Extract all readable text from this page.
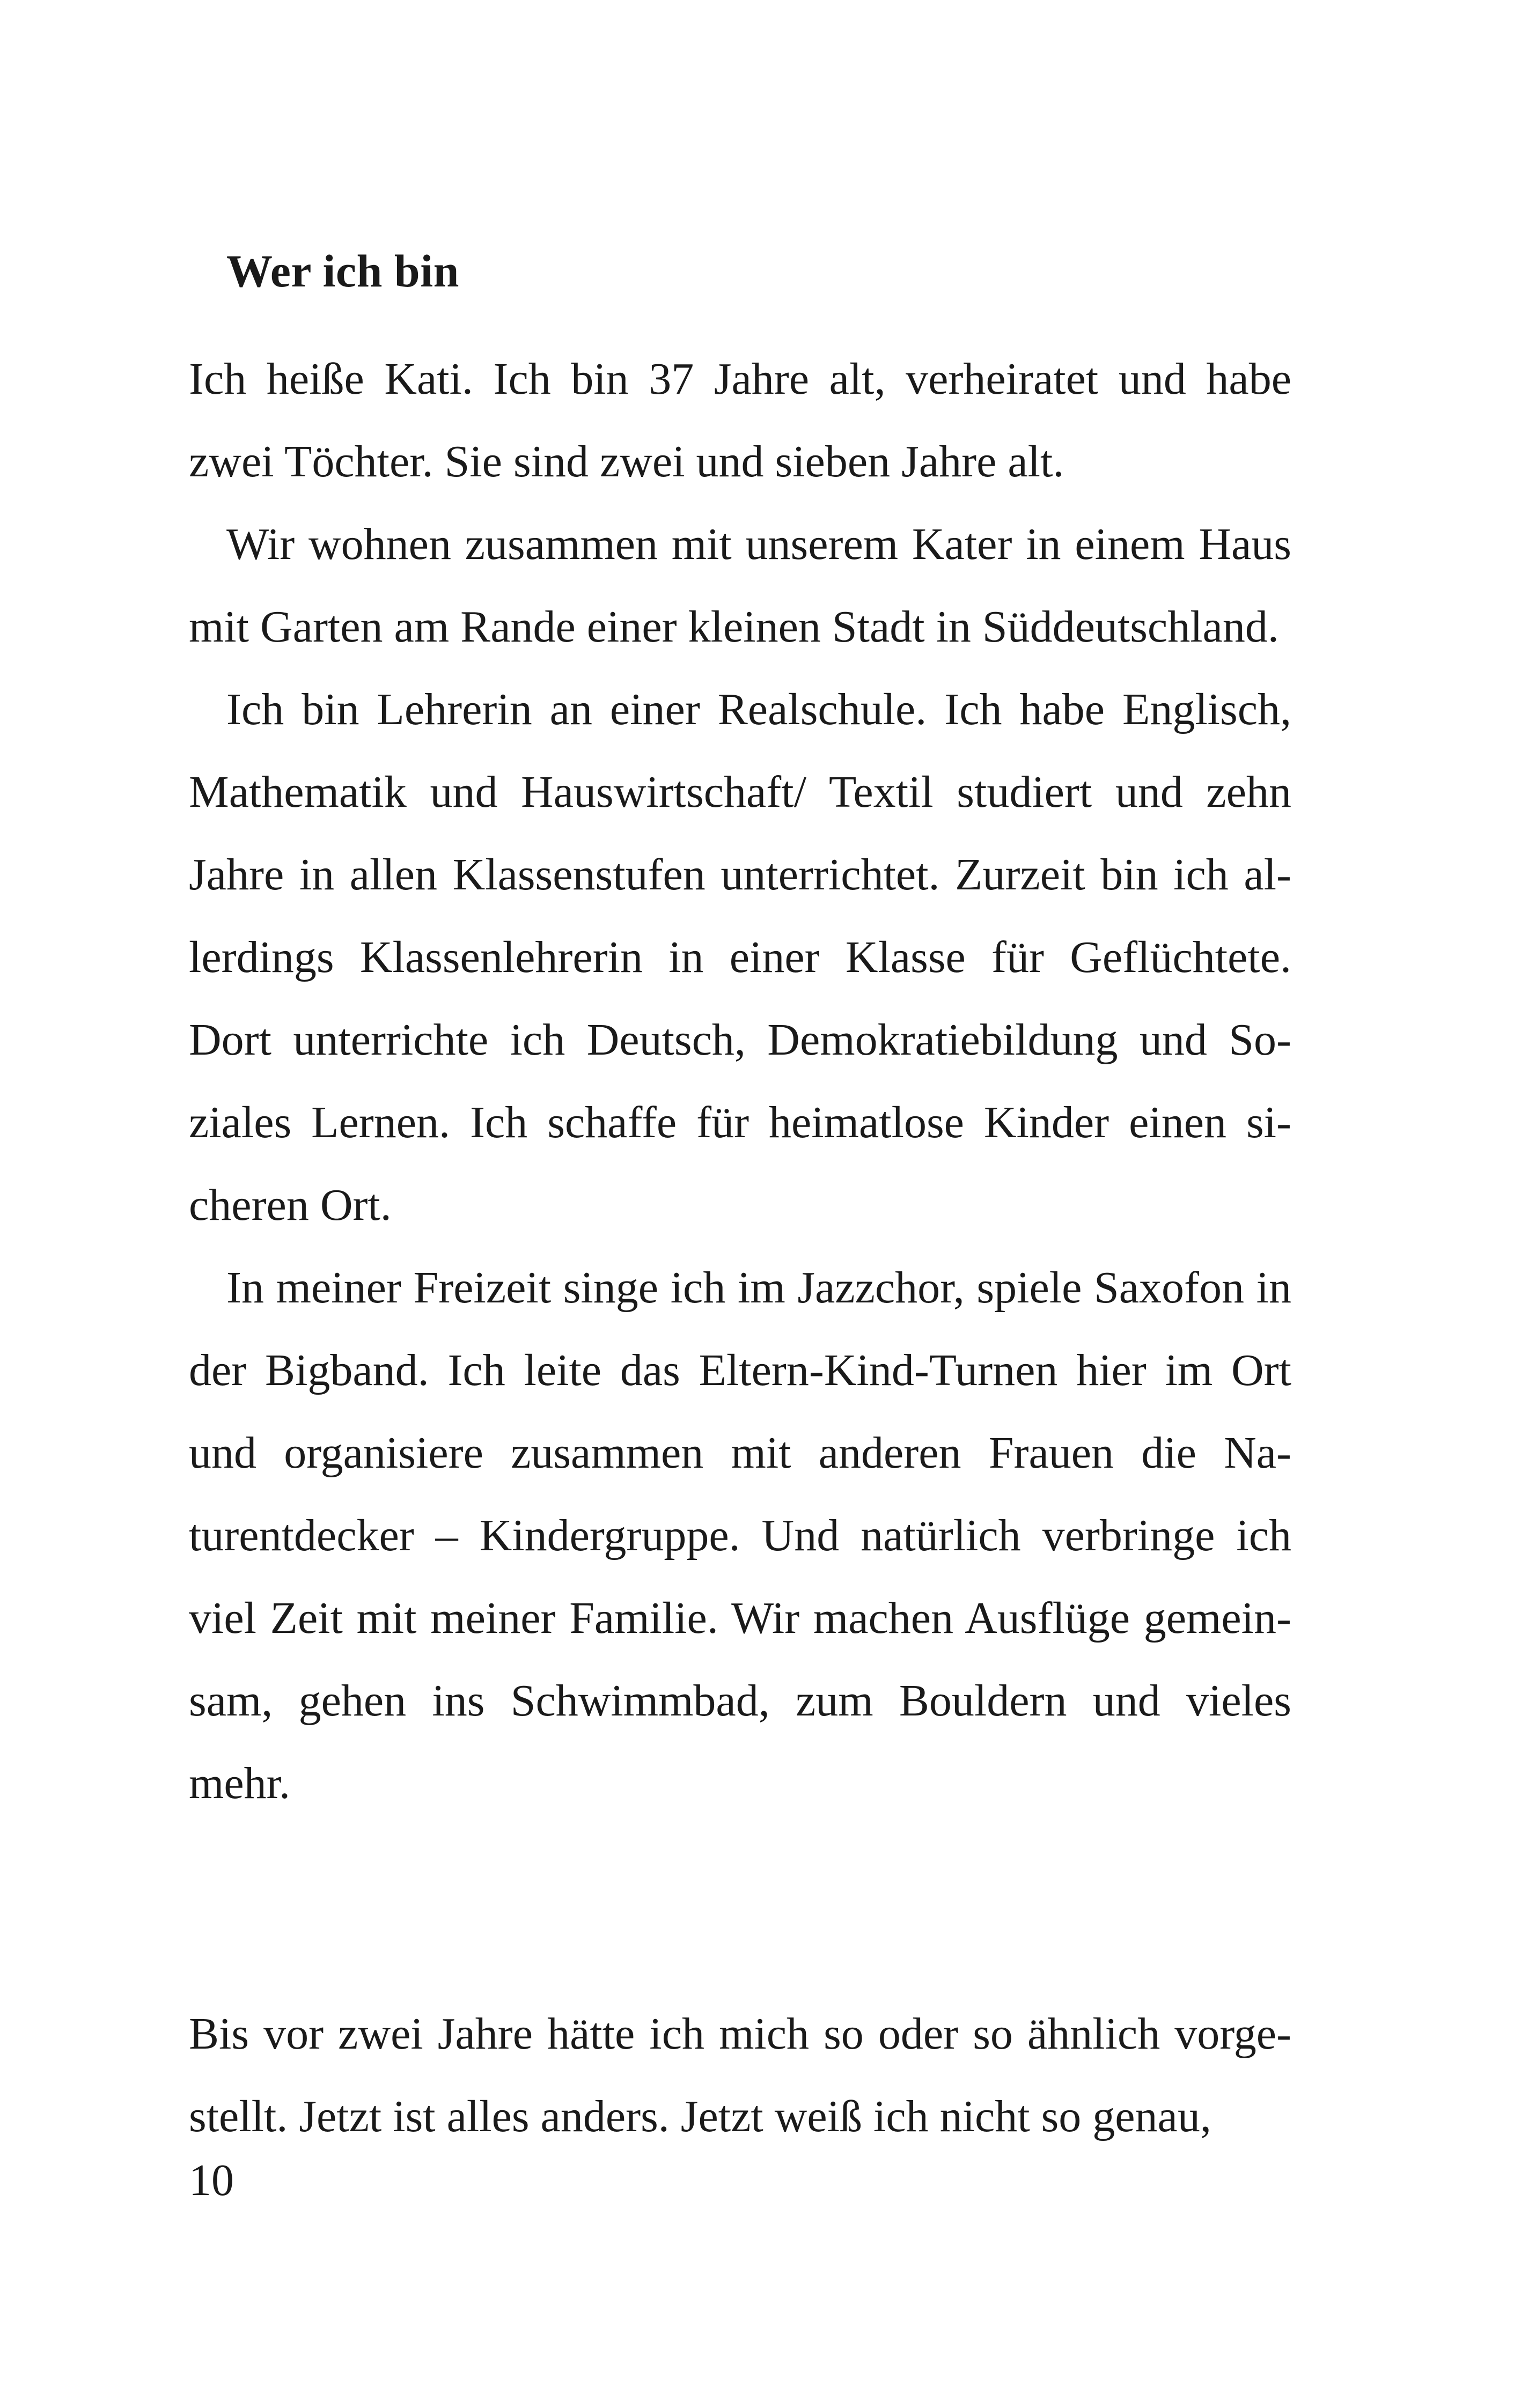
Wer ich bin

Ich heiße Kati. Ich bin 37 Jahre alt, verheiratet und habe zwei Töchter. Sie sind zwei und sieben Jahre alt.

Wir wohnen zusammen mit unserem Kater in einem Haus mit Garten am Rande einer kleinen Stadt in Süddeutschland.

Ich bin Lehrerin an einer Realschule. Ich habe Englisch, Mathematik und Hauswirtschaft/ Textil studiert und zehn Jahre in allen Klassenstufen unterrichtet. Zurzeit bin ich allerdings Klassenlehrerin in einer Klasse für Geflüchtete. Dort unterrichte ich Deutsch, Demokratiebildung und Soziales Lernen. Ich schaffe für heimatlose Kinder einen sicheren Ort.

In meiner Freizeit singe ich im Jazzchor, spiele Saxofon in der Bigband. Ich leite das Eltern-Kind-Turnen hier im Ort und organisiere zusammen mit anderen Frauen die Naturentdecker – Kindergruppe. Und natürlich verbringe ich viel Zeit mit meiner Familie. Wir machen Ausflüge gemeinsam, gehen ins Schwimmbad, zum Bouldern und vieles mehr.

Bis vor zwei Jahre hätte ich mich so oder so ähnlich vorgestellt. Jetzt ist alles anders. Jetzt weiß ich nicht so genau,

10
